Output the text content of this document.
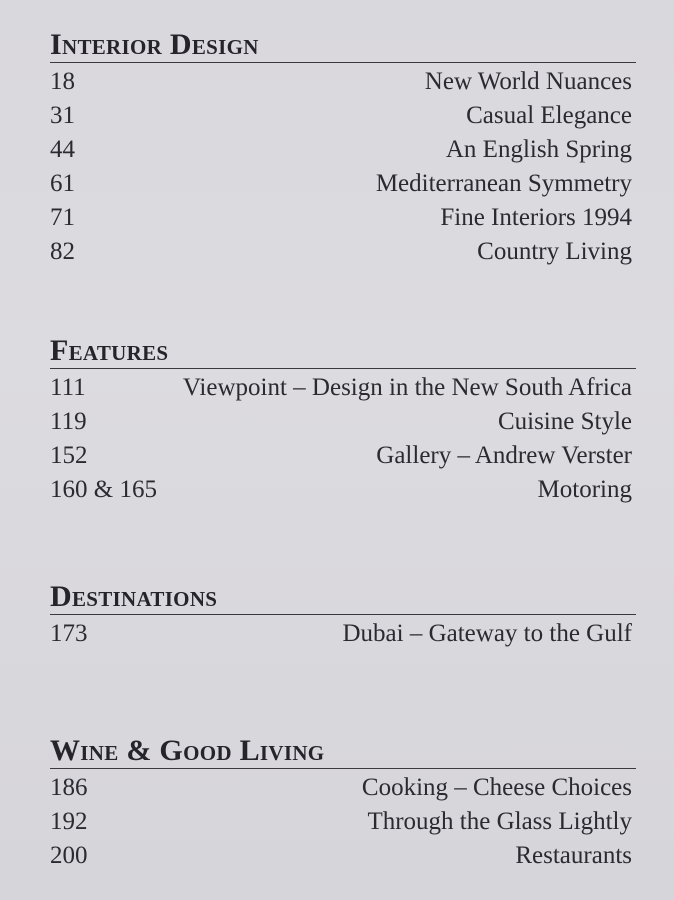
Interior Design
18	New World Nuances
31	Casual Elegance
44	An English Spring
61	Mediterranean Symmetry
71	Fine Interiors 1994
82	Country Living
Features
111	Viewpoint – Design in the New South Africa
119	Cuisine Style
152	Gallery – Andrew Verster
160 & 165	Motoring
Destinations
173	Dubai – Gateway to the Gulf
Wine & Good Living
186	Cooking – Cheese Choices
192	Through the Glass Lightly
200	Restaurants
